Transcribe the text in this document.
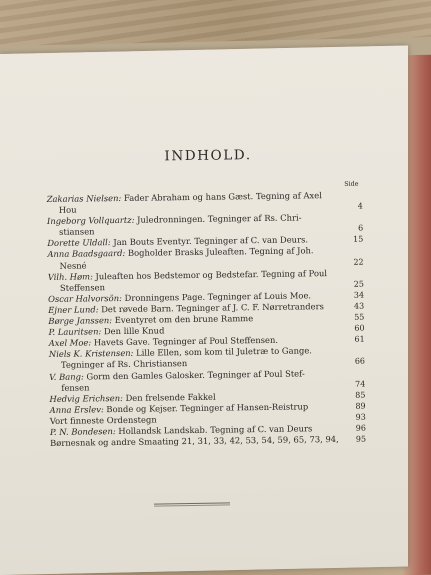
INDHOLD.
Side
Zakarias Nielsen: Fader Abraham og hans Gæst. Tegning af Axel
Hou	4
Ingeborg Vollquartz: Juledronningen. Tegninger af Rs. Chri-
stiansen	6
Dorette Uldall: Jan Bouts Eventyr. Tegninger af C. van Deurs.	15
Anna Baadsgaard: Bogholder Brasks Juleaften. Tegning af Joh.
Nesné	22
Vilh. Høm: Juleaften hos Bedstemor og Bedstefar. Tegning af Poul
Steffensen	25
Oscar Halvorsön: Dronningens Page. Tegninger af Louis Moe.	34
Ejner Lund: Det røvede Barn. Tegninger af J. C. F. Nørretranders	43
Børge Janssen: Eventyret om den brune Ramme	55
P. Lauritsen: Den lille Knud	60
Axel Moe: Havets Gave. Tegninger af Poul Steffensen.	61
Niels K. Kristensen: Lille Ellen, som kom til Juletræ to Gange.
Tegninger af Rs. Christiansen	66
V. Bang: Gorm den Gamles Galosker. Tegninger af Poul Stef-
fensen	74
Hedvig Erichsen: Den frelsende Fakkel	85
Anna Erslev: Bonde og Kejser. Tegninger af Hansen-Reistrup	89
Vort finneste Ordenstegn	93
P. N. Bondesen: Hollandsk Landskab. Tegning af C. van Deurs	96
Børnesnak og andre Smaating 21, 31, 33, 42, 53, 54, 59, 65, 73, 94,	95
